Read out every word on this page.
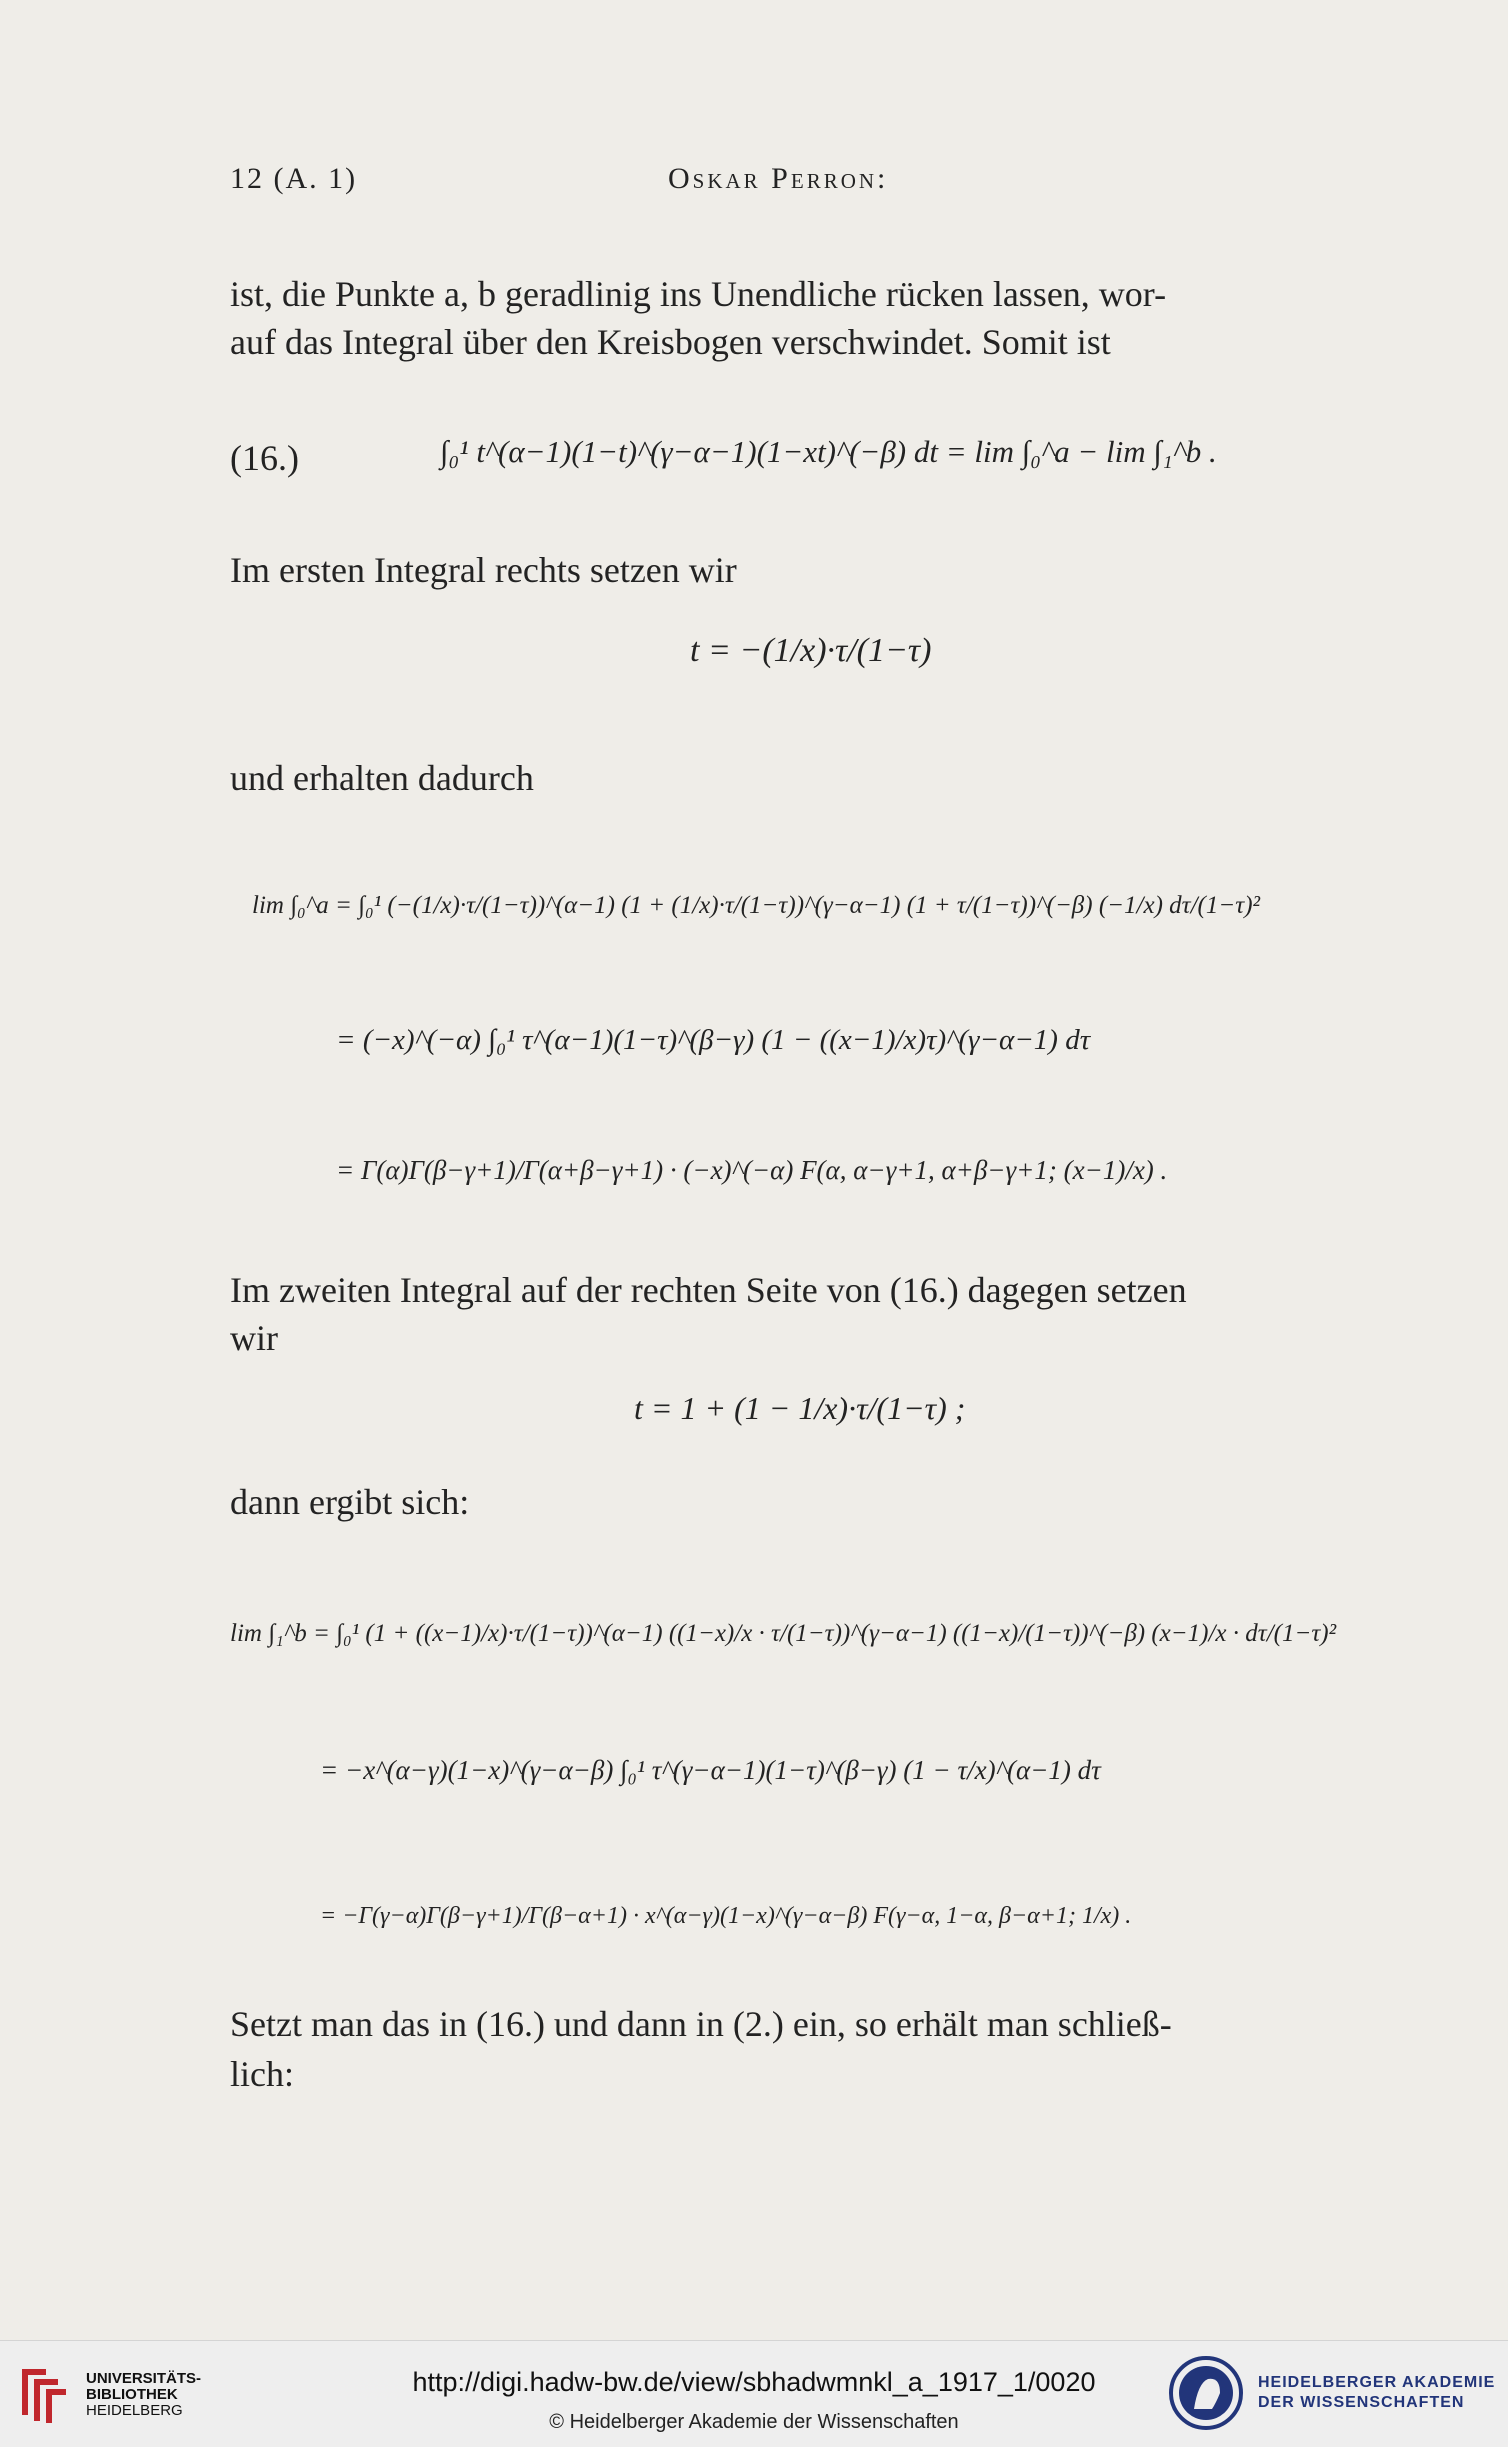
12 (A. 1)	Oskar Perron:
ist, die Punkte a, b geradlinig ins Unendliche rücken lassen, wor-
auf das Integral über den Kreisbogen verschwindet. Somit ist
(16.)	∫₀¹ t^(α−1)(1−t)^(γ−α−1)(1−xt)^(−β) dt = lim ∫₀^a − lim ∫₁^b .
Im ersten Integral rechts setzen wir
t = −(1/x)·τ/(1−τ)
und erhalten dadurch
lim ∫₀^a = ∫₀¹ (−(1/x)·τ/(1−τ))^(α−1) (1 + (1/x)·τ/(1−τ))^(γ−α−1) (1 + τ/(1−τ))^(−β) (−1/x) dτ/(1−τ)²
= (−x)^(−α) ∫₀¹ τ^(α−1)(1−τ)^(β−γ) (1 − ((x−1)/x)τ)^(γ−α−1) dτ
= Γ(α)Γ(β−γ+1)/Γ(α+β−γ+1) · (−x)^(−α) F(α, α−γ+1, α+β−γ+1; (x−1)/x) .
Im zweiten Integral auf der rechten Seite von (16.) dagegen setzen
wir
t = 1 + (1 − 1/x)·τ/(1−τ) ;
dann ergibt sich:
lim ∫₁^b = ∫₀¹ (1 + ((x−1)/x)·τ/(1−τ))^(α−1) ((1−x)/x · τ/(1−τ))^(γ−α−1) ((1−x)/(1−τ))^(−β) (x−1)/x · dτ/(1−τ)²
= −x^(α−γ)(1−x)^(γ−α−β) ∫₀¹ τ^(γ−α−1)(1−τ)^(β−γ) (1 − τ/x)^(α−1) dτ
= −Γ(γ−α)Γ(β−γ+1)/Γ(β−α+1) · x^(α−γ)(1−x)^(γ−α−β) F(γ−α, 1−α, β−α+1; 1/x) .
Setzt man das in (16.) und dann in (2.) ein, so erhält man schließ-
lich:
UNIVERSITÄTS-
BIBLIOTHEK
HEIDELBERG
http://digi.hadw-bw.de/view/sbhadwmnkl_a_1917_1/0020
© Heidelberger Akademie der Wissenschaften
HEIDELBERGER AKADEMIE
DER WISSENSCHAFTEN
